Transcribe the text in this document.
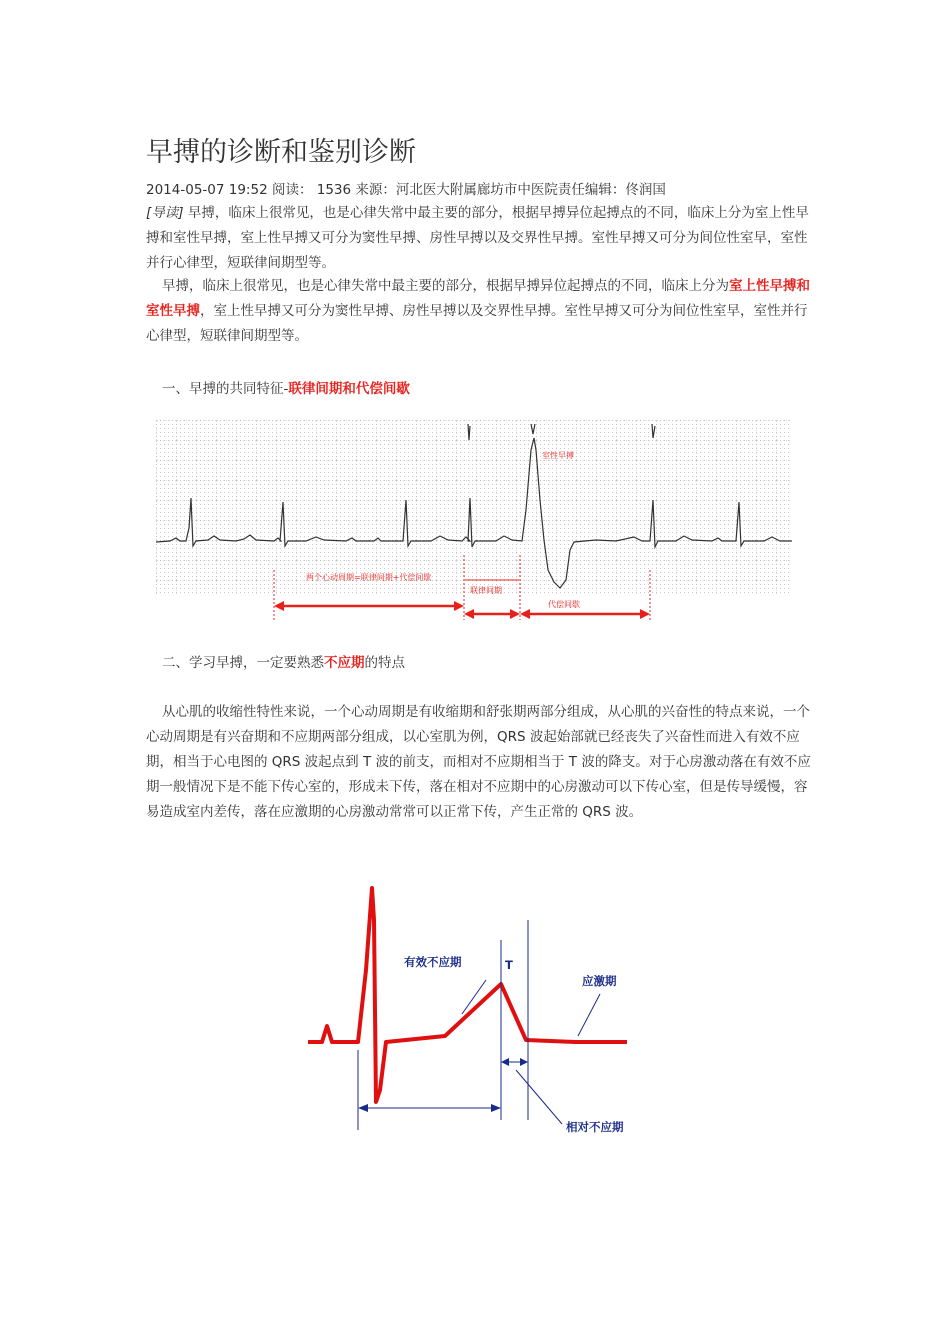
早搏的诊断和鉴别诊断
2014-05-07 19:52 阅读： 1536 来源：河北医大附属廊坊市中医院责任编辑：佟润国
[导读] 早搏，临床上很常见，也是心律失常中最主要的部分，根据早搏异位起搏点的不同，临床上分为室上性早搏和室性早搏，室上性早搏又可分为窦性早搏、房性早搏以及交界性早搏。室性早搏又可分为间位性室早，室性并行心律型，短联律间期型等。
早搏，临床上很常见，也是心律失常中最主要的部分，根据早搏异位起搏点的不同，临床上分为室上性早搏和室性早搏，室上性早搏又可分为窦性早搏、房性早搏以及交界性早搏。室性早搏又可分为间位性室早，室性并行心律型，短联律间期型等。
一、早搏的共同特征-联律间期和代偿间歇
室性早搏
两个心动周期=联律间期+代偿间歇
联律间期
代偿间歇
二、学习早搏，一定要熟悉不应期的特点
从心肌的收缩性特性来说，一个心动周期是有收缩期和舒张期两部分组成，从心肌的兴奋性的特点来说，一个心动周期是有兴奋期和不应期两部分组成，以心室肌为例，QRS 波起始部就已经丧失了兴奋性而进入有效不应期，相当于心电图的 QRS 波起点到 T 波的前支，而相对不应期相当于 T 波的降支。对于心房激动落在有效不应期一般情况下是不能下传心室的，形成未下传，落在相对不应期中的心房激动可以下传心室，但是传导缓慢，容易造成室内差传，落在应激期的心房激动常常可以正常下传，产生正常的 QRS 波。
有效不应期	T
应激期
相对不应期
